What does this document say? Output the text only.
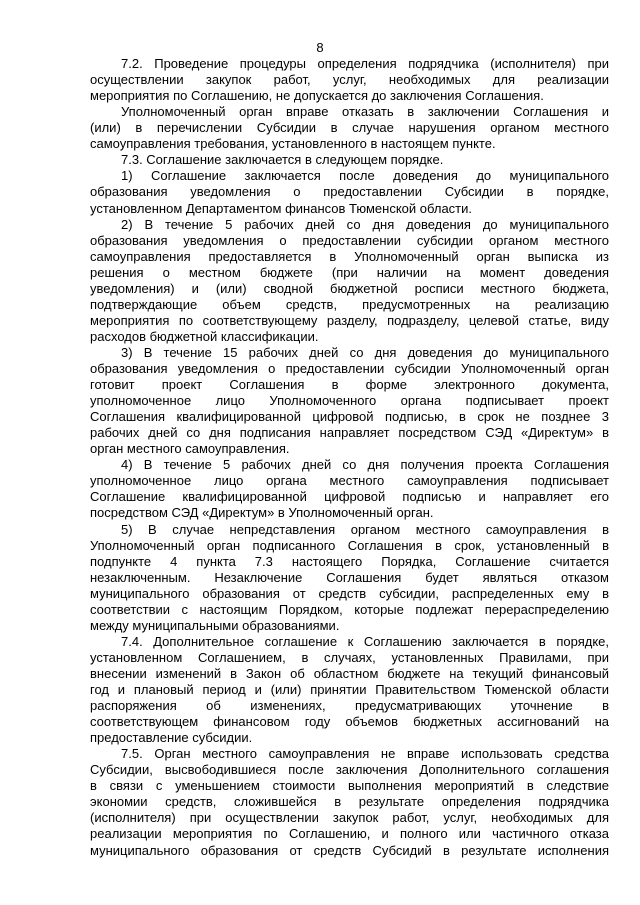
8
7.2. Проведение процедуры определения подрядчика (исполнителя) при
осуществлении закупок работ, услуг, необходимых для реализации
мероприятия по Соглашению, не допускается до заключения Соглашения.
Уполномоченный орган вправе отказать в заключении Соглашения и
(или) в перечислении Субсидии в случае нарушения органом местного
самоуправления требования, установленного в настоящем пункте.
7.3. Соглашение заключается в следующем порядке.
1) Соглашение заключается после доведения до муниципального
образования уведомления о предоставлении Субсидии в порядке,
установленном Департаментом финансов Тюменской области.
2) В течение 5 рабочих дней со дня доведения до муниципального
образования уведомления о предоставлении субсидии органом местного
самоуправления предоставляется в Уполномоченный орган выписка из
решения о местном бюджете (при наличии на момент доведения
уведомления) и (или) сводной бюджетной росписи местного бюджета,
подтверждающие объем средств, предусмотренных на реализацию
мероприятия по соответствующему разделу, подразделу, целевой статье, виду
расходов бюджетной классификации.
3) В течение 15 рабочих дней со дня доведения до муниципального
образования уведомления о предоставлении субсидии Уполномоченный орган
готовит проект Соглашения в форме электронного документа,
уполномоченное лицо Уполномоченного органа подписывает проект
Соглашения квалифицированной цифровой подписью, в срок не позднее 3
рабочих дней со дня подписания направляет посредством СЭД «Директум» в
орган местного самоуправления.
4) В течение 5 рабочих дней со дня получения проекта Соглашения
уполномоченное лицо органа местного самоуправления подписывает
Соглашение квалифицированной цифровой подписью и направляет его
посредством СЭД «Директум» в Уполномоченный орган.
5) В случае непредставления органом местного самоуправления в
Уполномоченный орган подписанного Соглашения в срок, установленный в
подпункте 4 пункта 7.3 настоящего Порядка, Соглашение считается
незаключенным. Незаключение Соглашения будет являться отказом
муниципального образования от средств субсидии, распределенных ему в
соответствии с настоящим Порядком, которые подлежат перераспределению
между муниципальными образованиями.
7.4. Дополнительное соглашение к Соглашению заключается в порядке,
установленном Соглашением, в случаях, установленных Правилами, при
внесении изменений в Закон об областном бюджете на текущий финансовый
год и плановый период и (или) принятии Правительством Тюменской области
распоряжения об изменениях, предусматривающих уточнение в
соответствующем финансовом году объемов бюджетных ассигнований на
предоставление субсидии.
7.5. Орган местного самоуправления не вправе использовать средства
Субсидии, высвободившиеся после заключения Дополнительного соглашения
в связи с уменьшением стоимости выполнения мероприятий в следствие
экономии средств, сложившейся в результате определения подрядчика
(исполнителя) при осуществлении закупок работ, услуг, необходимых для
реализации мероприятия по Соглашению, и полного или частичного отказа
муниципального образования от средств Субсидий в результате исполнения
